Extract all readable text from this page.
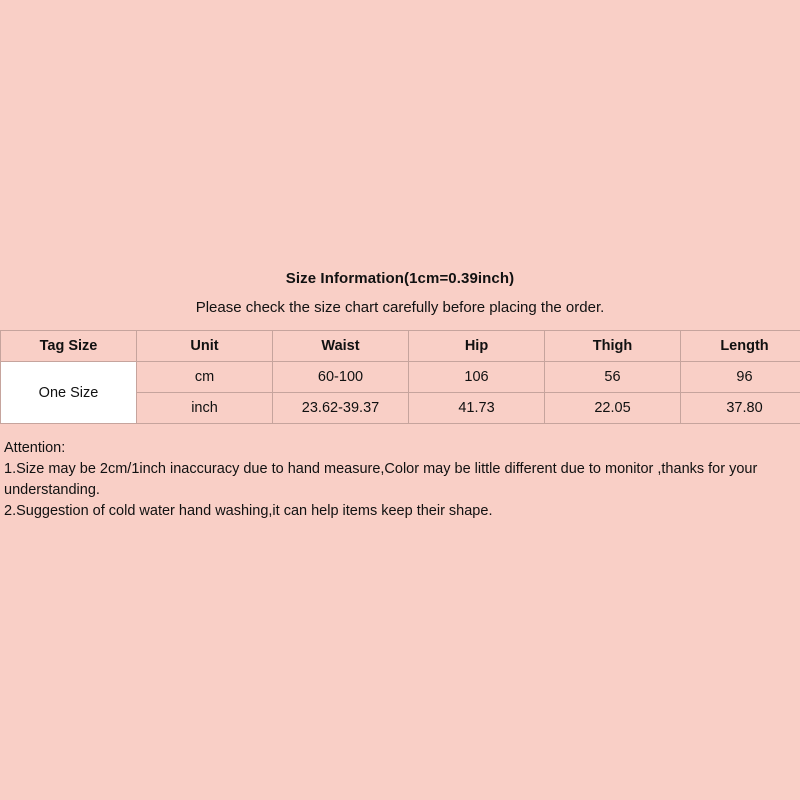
Size Information(1cm=0.39inch)
Please check the size chart carefully before placing the order.
Tag Size	Unit	Waist	Hip	Thigh	Length
One Size	cm	60-100	106	56	96
	inch	23.62-39.37	41.73	22.05	37.80
Attention:
1.Size may be 2cm/1inch inaccuracy due to hand measure,Color may be little different due to monitor ,thanks for your understanding.
2.Suggestion of cold water hand washing,it can help items keep their shape.
